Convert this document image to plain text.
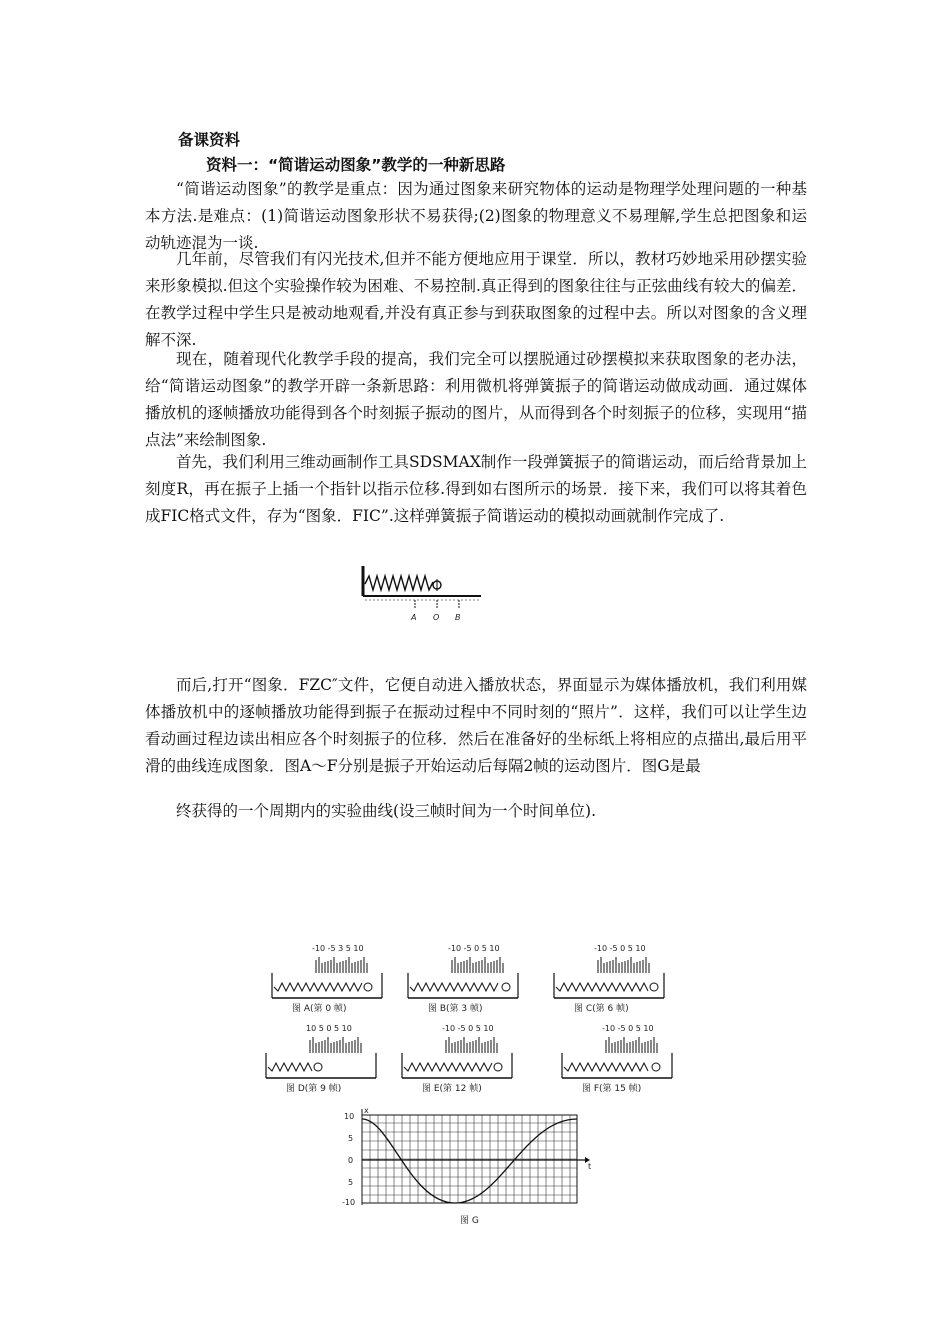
备课资料
资料一：“简谐运动图象”教学的一种新思路

“简谐运动图象”的教学是重点：因为通过图象来研究物体的运动是物理学处理问题的一种基本方法.是难点：(1)简谐运动图象形状不易获得;(2)图象的物理意义不易理解,学生总把图象和运动轨迹混为一谈.

几年前，尽管我们有闪光技术,但并不能方便地应用于课堂．所以，教材巧妙地采用砂摆实验来形象模拟.但这个实验操作较为困难、不易控制.真正得到的图象往往与正弦曲线有较大的偏差．在教学过程中学生只是被动地观看,并没有真正参与到获取图象的过程中去。所以对图象的含义理解不深.

现在，随着现代化教学手段的提高，我们完全可以摆脱通过砂摆模拟来获取图象的老办法，给“简谐运动图象”的教学开辟一条新思路：利用微机将弹簧振子的简谐运动做成动画．通过媒体播放机的逐帧播放功能得到各个时刻振子振动的图片，从而得到各个时刻振子的位移，实现用“描点法”来绘制图象.

首先，我们利用三维动画制作工具SDSMAX制作一段弹簧振子的简谐运动，而后给背景加上刻度R，再在振子上插一个指针以指示位移.得到如右图所示的场景．接下来，我们可以将其着色成FIC格式文件，存为“图象．FIC”.这样弹簧振子简谐运动的模拟动画就制作完成了.

A O B

而后,打开“图象．FZC″文件，它便自动进入播放状态，界面显示为媒体播放机，我们利用媒体播放机中的逐帧播放功能得到振子在振动过程中不同时刻的“照片”．这样，我们可以让学生边看动画过程边读出相应各个时刻振子的位移．然后在准备好的坐标纸上将相应的点描出,最后用平滑的曲线连成图象．图A～F分别是振子开始运动后每隔2帧的运动图片．图G是最

终获得的一个周期内的实验曲线(设三帧时间为一个时间单位).

-10 -5 3 5 10
图 A(第 0 帧)
-10 -5 0 5 10
图 B(第 3 帧)
-10 -5 0 5 10
图 C(第 6 帧)
10 5 0 5 10
图 D(第 9 帧)
-10 -5 0 5 10
图 E(第 12 帧)
-10 -5 0 5 10
图 F(第 15 帧)
x
t
10
5
0
5
-10
图 G
